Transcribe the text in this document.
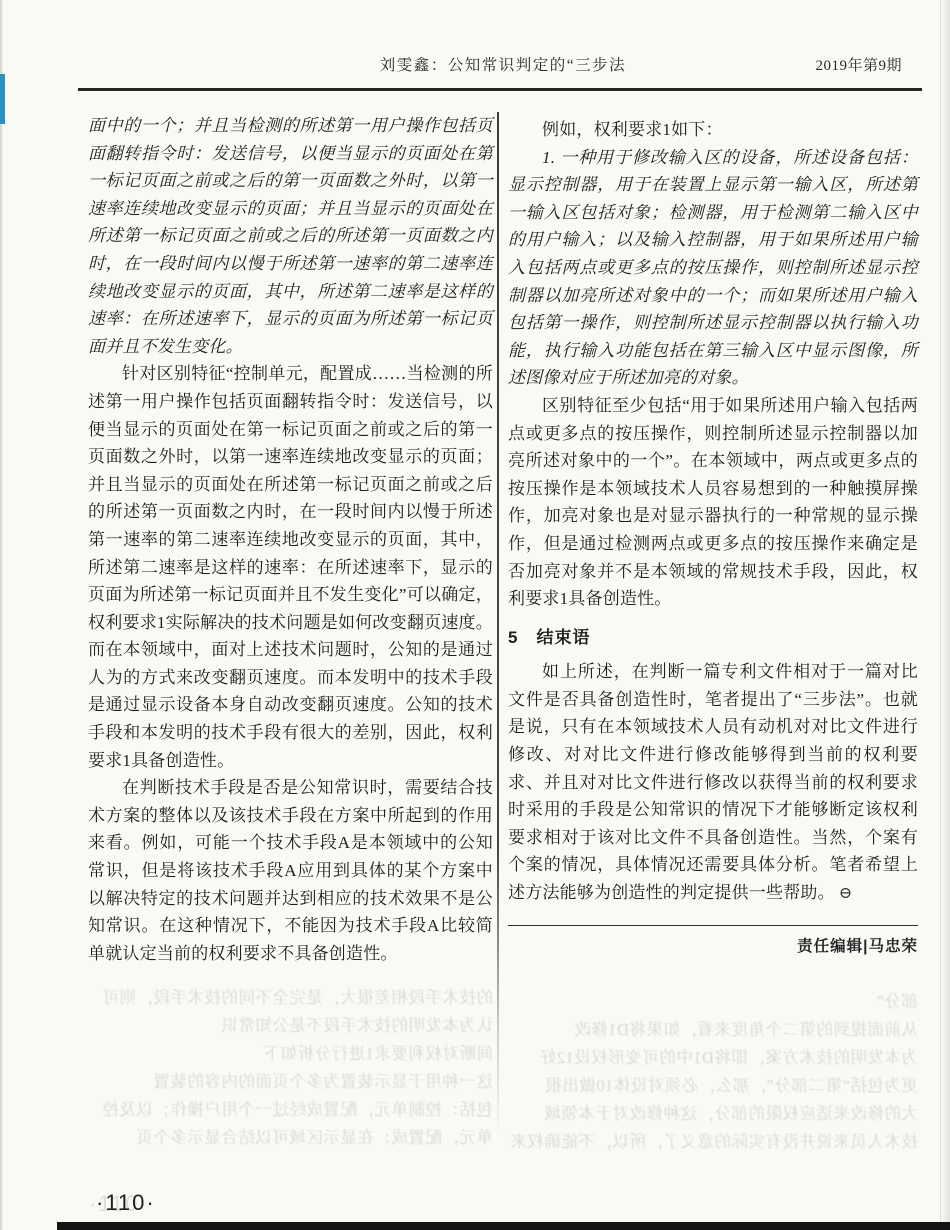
刘雯鑫：公知常识判定的“三步法	2019年第9期

面中的一个；并且当检测的所述第一用户操作包括页面翻转指令时：发送信号，以便当显示的页面处在第一标记页面之前或之后的第一页面数之外时，以第一速率连续地改变显示的页面；并且当显示的页面处在所述第一标记页面之前或之后的所述第一页面数之内时，在一段时间内以慢于所述第一速率的第二速率连续地改变显示的页面，其中，所述第二速率是这样的速率：在所述速率下，显示的页面为所述第一标记页面并且不发生变化。

针对区别特征“控制单元，配置成……当检测的所述第一用户操作包括页面翻转指令时：发送信号，以便当显示的页面处在第一标记页面之前或之后的第一页面数之外时，以第一速率连续地改变显示的页面；并且当显示的页面处在所述第一标记页面之前或之后的所述第一页面数之内时，在一段时间内以慢于所述第一速率的第二速率连续地改变显示的页面，其中，所述第二速率是这样的速率：在所述速率下，显示的页面为所述第一标记页面并且不发生变化”可以确定，权利要求1实际解决的技术问题是如何改变翻页速度。而在本领域中，面对上述技术问题时，公知的是通过人为的方式来改变翻页速度。而本发明中的技术手段是通过显示设备本身自动改变翻页速度。公知的技术手段和本发明的技术手段有很大的差别，因此，权利要求1具备创造性。

在判断技术手段是否是公知常识时，需要结合技术方案的整体以及该技术手段在方案中所起到的作用来看。例如，可能一个技术手段A是本领域中的公知常识，但是将该技术手段A应用到具体的某个方案中以解决特定的技术问题并达到相应的技术效果不是公知常识。在这种情况下，不能因为技术手段A比较简单就认定当前的权利要求不具备创造性。

例如，权利要求1如下：

1. 一种用于修改输入区的设备，所述设备包括：显示控制器，用于在装置上显示第一输入区，所述第一输入区包括对象；检测器，用于检测第二输入区中的用户输入；以及输入控制器，用于如果所述用户输入包括两点或更多点的按压操作，则控制所述显示控制器以加亮所述对象中的一个；而如果所述用户输入包括第一操作，则控制所述显示控制器以执行输入功能，执行输入功能包括在第三输入区中显示图像，所述图像对应于所述加亮的对象。

区别特征至少包括“用于如果所述用户输入包括两点或更多点的按压操作，则控制所述显示控制器以加亮所述对象中的一个”。在本领域中，两点或更多点的按压操作是本领域技术人员容易想到的一种触摸屏操作，加亮对象也是对显示器执行的一种常规的显示操作，但是通过检测两点或更多点的按压操作来确定是否加亮对象并不是本领域的常规技术手段，因此，权利要求1具备创造性。

5　结束语

如上所述，在判断一篇专利文件相对于一篇对比文件是否具备创造性时，笔者提出了“三步法”。也就是说，只有在本领域技术人员有动机对对比文件进行修改、对对比文件进行修改能够得到当前的权利要求、并且对对比文件进行修改以获得当前的权利要求时采用的手段是公知常识的情况下才能够断定该权利要求相对于该对比文件不具备创造性。当然，个案有个案的情况，具体情况还需要具体分析。笔者希望上述方法能够为创造性的判定提供一些帮助。 ⊖

责任编辑|马忠荣

的技术手段相差很大，是完全不同的技术手段，则可
认为本发明的技术手段不是公知常识
间断对权利要求1进行分析如下
这一种用于显示装置为多个页面的内容的装置
包括：控制单元，配置成经过一个用户操作；以及控
单元，配置成：在显示区域可以结合显示多个页
部分”
从前面提到的第二个角度来看，如果将D1修改
为本发明的技术方案，即将D1中的可变形权设12好
更为包括“第二部分”，那么，必须对设体10做出很
大的修改来适应权限的部分，这种修改对于本领域
技术人员来说并没有实际的意义了，所以，不能确权来
·110·
